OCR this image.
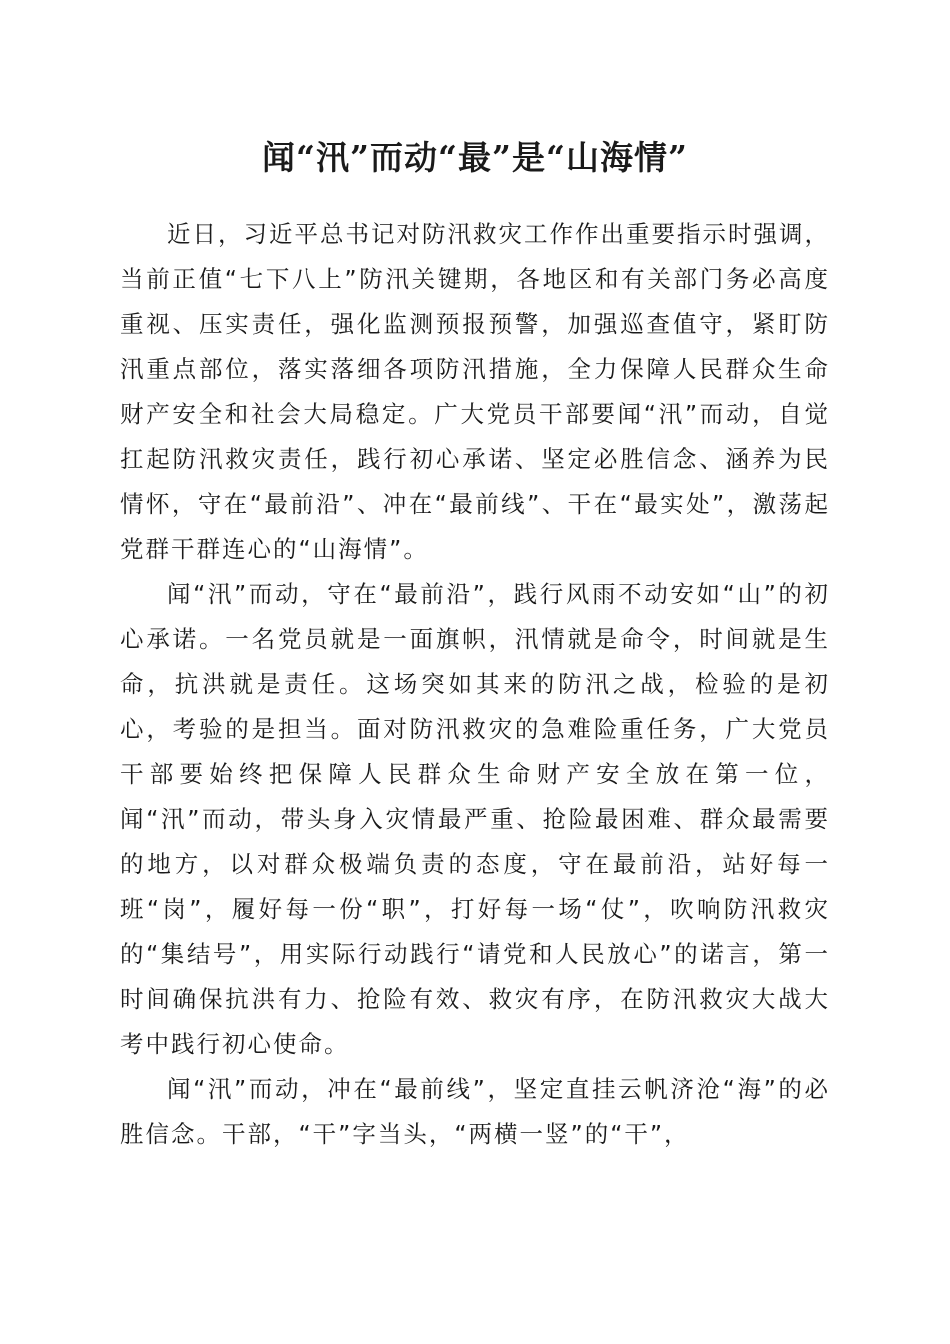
闻“汛”而动“最”是“山海情”

近日，习近平总书记对防汛救灾工作作出重要指示时强调，当前正值“七下八上”防汛关键期，各地区和有关部门务必高度重视、压实责任，强化监测预报预警，加强巡查值守，紧盯防汛重点部位，落实落细各项防汛措施，全力保障人民群众生命财产安全和社会大局稳定。广大党员干部要闻“汛”而动，自觉扛起防汛救灾责任，践行初心承诺、坚定必胜信念、涵养为民情怀，守在“最前沿”、冲在“最前线”、干在“最实处”，激荡起党群干群连心的“山海情”。

闻“汛”而动，守在“最前沿”，践行风雨不动安如“山”的初心承诺。一名党员就是一面旗帜，汛情就是命令，时间就是生命，抗洪就是责任。这场突如其来的防汛之战，检验的是初心，考验的是担当。面对防汛救灾的急难险重任务，广大党员干部要始终把保障人民群众生命财产安全放在第一位，闻“汛”而动，带头身入灾情最严重、抢险最困难、群众最需要的地方，以对群众极端负责的态度，守在最前沿，站好每一班“岗”，履好每一份“职”，打好每一场“仗”，吹响防汛救灾的“集结号”，用实际行动践行“请党和人民放心”的诺言，第一时间确保抗洪有力、抢险有效、救灾有序，在防汛救灾大战大考中践行初心使命。

闻“汛”而动，冲在“最前线”，坚定直挂云帆济沧“海”的必胜信念。干部，“干”字当头，“两横一竖”的“干”，
